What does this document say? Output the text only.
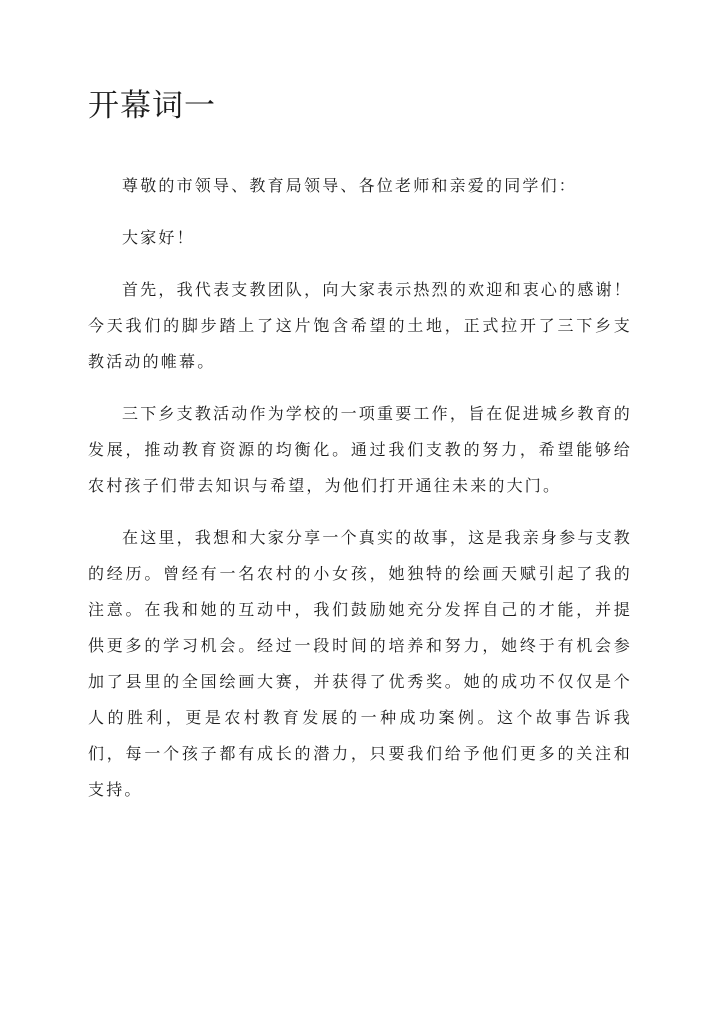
开幕词一

尊敬的市领导、教育局领导、各位老师和亲爱的同学们：

大家好！

首先，我代表支教团队，向大家表示热烈的欢迎和衷心的感谢！今天我们的脚步踏上了这片饱含希望的土地，正式拉开了三下乡支教活动的帷幕。

三下乡支教活动作为学校的一项重要工作，旨在促进城乡教育的发展，推动教育资源的均衡化。通过我们支教的努力，希望能够给农村孩子们带去知识与希望，为他们打开通往未来的大门。

在这里，我想和大家分享一个真实的故事，这是我亲身参与支教的经历。曾经有一名农村的小女孩，她独特的绘画天赋引起了我的注意。在我和她的互动中，我们鼓励她充分发挥自己的才能，并提供更多的学习机会。经过一段时间的培养和努力，她终于有机会参加了县里的全国绘画大赛，并获得了优秀奖。她的成功不仅仅是个人的胜利，更是农村教育发展的一种成功案例。这个故事告诉我们，每一个孩子都有成长的潜力，只要我们给予他们更多的关注和支持。
